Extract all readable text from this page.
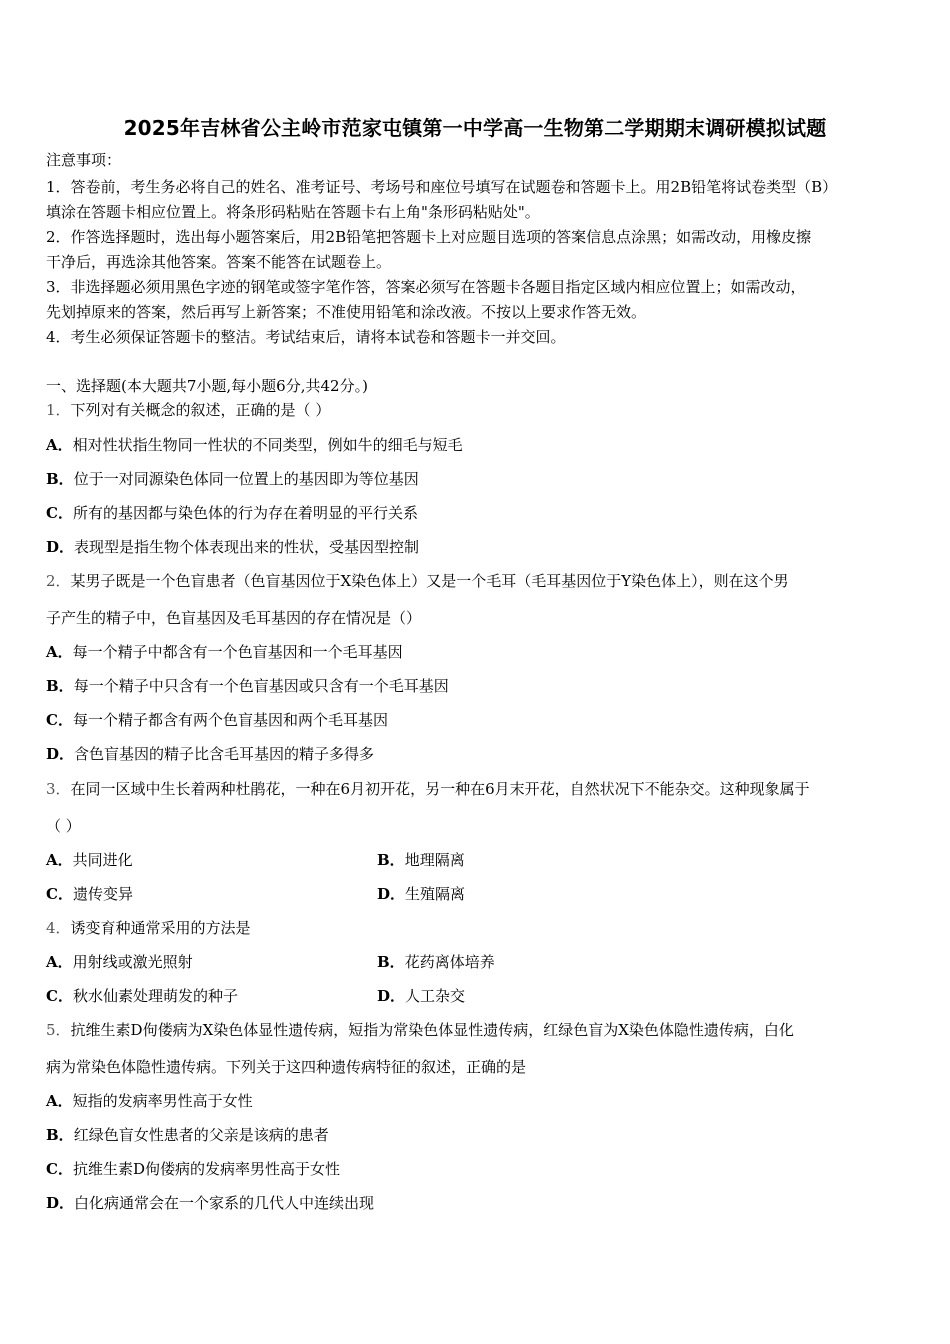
2025年吉林省公主岭市范家屯镇第一中学高一生物第二学期期末调研模拟试题
注意事项：
1．答卷前，考生务必将自己的姓名、准考证号、考场号和座位号填写在试题卷和答题卡上。用2B铅笔将试卷类型（B）
填涂在答题卡相应位置上。将条形码粘贴在答题卡右上角"条形码粘贴处"。
2．作答选择题时，选出每小题答案后，用2B铅笔把答题卡上对应题目选项的答案信息点涂黑；如需改动，用橡皮擦
干净后，再选涂其他答案。答案不能答在试题卷上。
3．非选择题必须用黑色字迹的钢笔或签字笔作答，答案必须写在答题卡各题目指定区域内相应位置上；如需改动，
先划掉原来的答案，然后再写上新答案；不准使用铅笔和涂改液。不按以上要求作答无效。
4．考生必须保证答题卡的整洁。考试结束后，请将本试卷和答题卡一并交回。
一、选择题(本大题共7小题,每小题6分,共42分。)
1．下列对有关概念的叙述，正确的是（ ）
A．相对性状指生物同一性状的不同类型，例如牛的细毛与短毛
B．位于一对同源染色体同一位置上的基因即为等位基因
C．所有的基因都与染色体的行为存在着明显的平行关系
D．表现型是指生物个体表现出来的性状，受基因型控制
2．某男子既是一个色盲患者（色盲基因位于X染色体上）又是一个毛耳（毛耳基因位于Y染色体上），则在这个男
子产生的精子中，色盲基因及毛耳基因的存在情况是（）
A．每一个精子中都含有一个色盲基因和一个毛耳基因
B．每一个精子中只含有一个色盲基因或只含有一个毛耳基因
C．每一个精子都含有两个色盲基因和两个毛耳基因
D．含色盲基因的精子比含毛耳基因的精子多得多
3．在同一区域中生长着两种杜鹃花，一种在6月初开花，另一种在6月末开花，自然状况下不能杂交。这种现象属于
（ ）
A．共同进化	B．地理隔离
C．遗传变异	D．生殖隔离
4．诱变育种通常采用的方法是
A．用射线或激光照射	B．花药离体培养
C．秋水仙素处理萌发的种子	D．人工杂交
5．抗维生素D佝偻病为X染色体显性遗传病，短指为常染色体显性遗传病，红绿色盲为X染色体隐性遗传病，白化
病为常染色体隐性遗传病。下列关于这四种遗传病特征的叙述，正确的是
A．短指的发病率男性高于女性
B．红绿色盲女性患者的父亲是该病的患者
C．抗维生素D佝偻病的发病率男性高于女性
D．白化病通常会在一个家系的几代人中连续出现
